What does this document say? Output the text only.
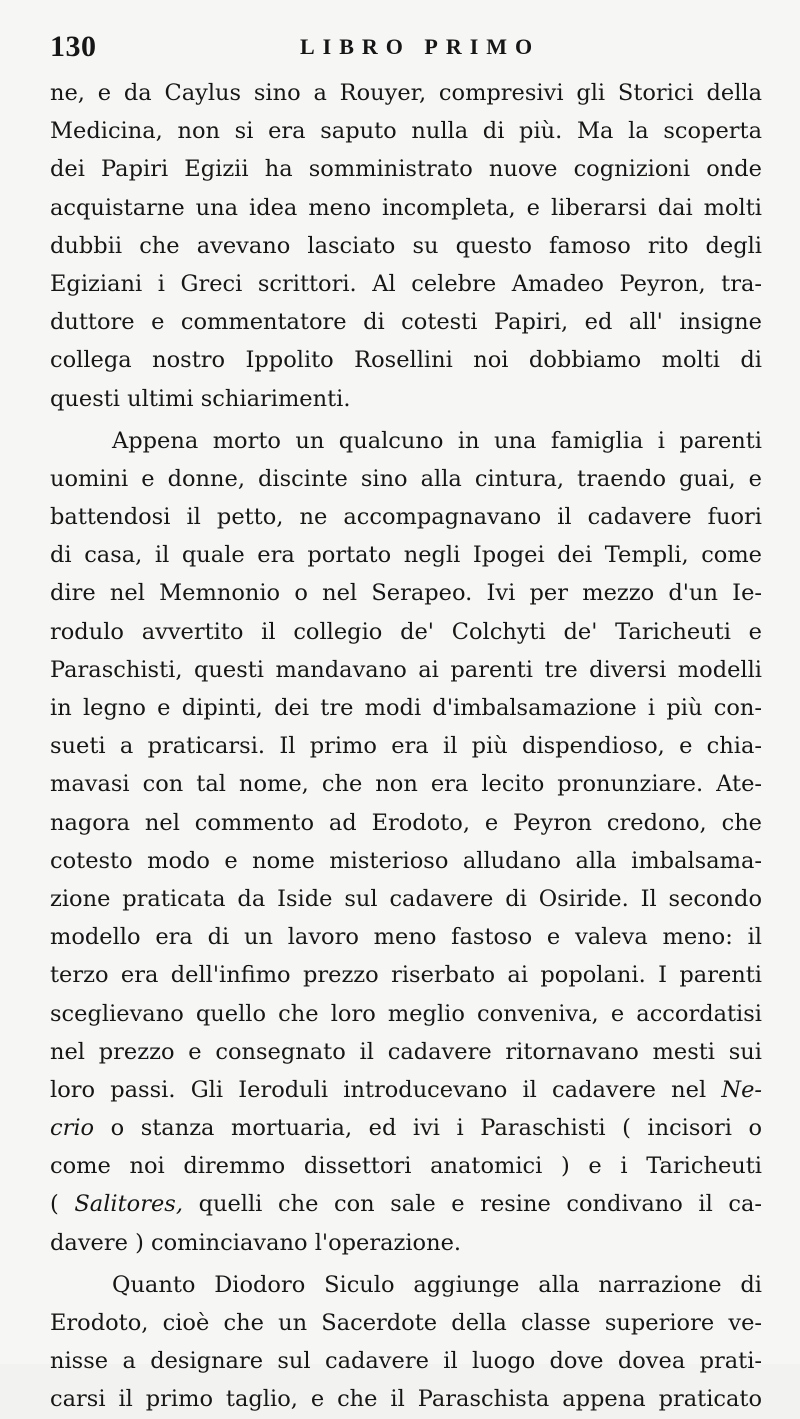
130	LIBRO PRIMO
ne, e da Caylus sino a Rouyer, compresivi gli Storici della
Medicina, non si era saputo nulla di più. Ma la scoperta
dei Papiri Egizii ha somministrato nuove cognizioni onde
acquistarne una idea meno incompleta, e liberarsi dai molti
dubbii che avevano lasciato su questo famoso rito degli
Egiziani i Greci scrittori. Al celebre Amadeo Peyron, tra-
duttore e commentatore di cotesti Papiri, ed all' insigne
collega nostro Ippolito Rosellini noi dobbiamo molti di
questi ultimi schiarimenti.
Appena morto un qualcuno in una famiglia i parenti
uomini e donne, discinte sino alla cintura, traendo guai, e
battendosi il petto, ne accompagnavano il cadavere fuori
di casa, il quale era portato negli Ipogei dei Templi, come
dire nel Memnonio o nel Serapeo. Ivi per mezzo d'un Ie-
rodulo avvertito il collegio de' Colchyti de' Taricheuti e
Paraschisti, questi mandavano ai parenti tre diversi modelli
in legno e dipinti, dei tre modi d'imbalsamazione i più con-
sueti a praticarsi. Il primo era il più dispendioso, e chia-
mavasi con tal nome, che non era lecito pronunziare. Ate-
nagora nel commento ad Erodoto, e Peyron credono, che
cotesto modo e nome misterioso alludano alla imbalsama-
zione praticata da Iside sul cadavere di Osiride. Il secondo
modello era di un lavoro meno fastoso e valeva meno: il
terzo era dell'infimo prezzo riserbato ai popolani. I parenti
sceglievano quello che loro meglio conveniva, e accordatisi
nel prezzo e consegnato il cadavere ritornavano mesti sui
loro passi. Gli Ieroduli introducevano il cadavere nel Ne-
crio o stanza mortuaria, ed ivi i Paraschisti ( incisori o
come noi diremmo dissettori anatomici ) e i Taricheuti
( Salitores, quelli che con sale e resine condivano il ca-
davere ) cominciavano l'operazione.
Quanto Diodoro Siculo aggiunge alla narrazione di
Erodoto, cioè che un Sacerdote della classe superiore ve-
nisse a designare sul cadavere il luogo dove dovea prati-
carsi il primo taglio, e che il Paraschista appena praticato
